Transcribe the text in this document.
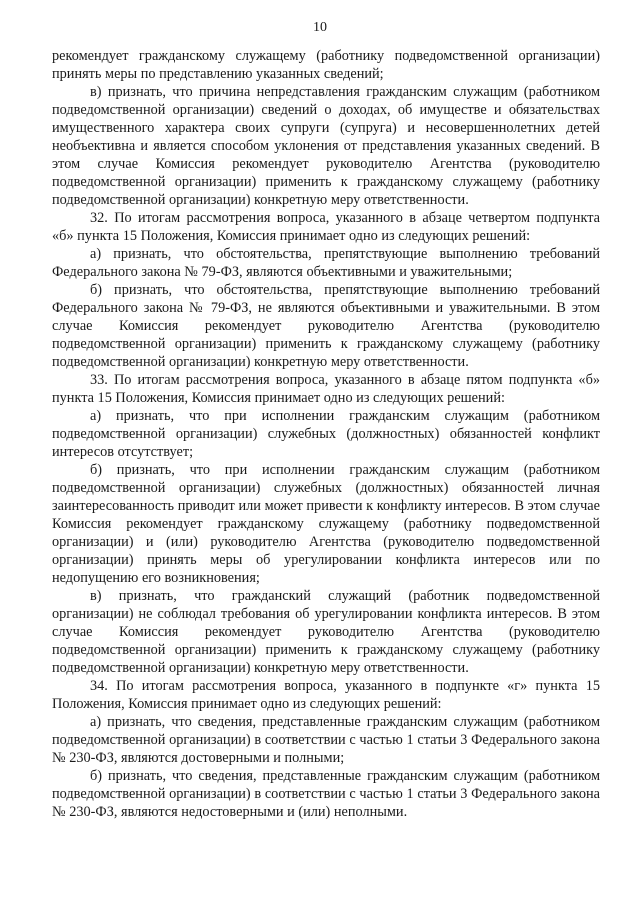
10

рекомендует гражданскому служащему (работнику подведомственной организации) принять меры по представлению указанных сведений;

в) признать, что причина непредставления гражданским служащим (работником подведомственной организации) сведений о доходах, об имуществе и обязательствах имущественного характера своих супруги (супруга) и несовершеннолетних детей необъективна и является способом уклонения от представления указанных сведений. В этом случае Комиссия рекомендует руководителю Агентства (руководителю подведомственной организации) применить к гражданскому служащему (работнику подведомственной организации) конкретную меру ответственности.

32. По итогам рассмотрения вопроса, указанного в абзаце четвертом подпункта «б» пункта 15 Положения, Комиссия принимает одно из следующих решений:

а) признать, что обстоятельства, препятствующие выполнению требований Федерального закона № 79-ФЗ, являются объективными и уважительными;

б) признать, что обстоятельства, препятствующие выполнению требований Федерального закона № 79-ФЗ, не являются объективными и уважительными. В этом случае Комиссия рекомендует руководителю Агентства (руководителю подведомственной организации) применить к гражданскому служащему (работнику подведомственной организации) конкретную меру ответственности.

33. По итогам рассмотрения вопроса, указанного в абзаце пятом подпункта «б» пункта 15 Положения, Комиссия принимает одно из следующих решений:

а) признать, что при исполнении гражданским служащим (работником подведомственной организации) служебных (должностных) обязанностей конфликт интересов отсутствует;

б) признать, что при исполнении гражданским служащим (работником подведомственной организации) служебных (должностных) обязанностей личная заинтересованность приводит или может привести к конфликту интересов. В этом случае Комиссия рекомендует гражданскому служащему (работнику подведомственной организации) и (или) руководителю Агентства (руководителю подведомственной организации) принять меры об урегулировании конфликта интересов или по недопущению его возникновения;

в) признать, что гражданский служащий (работник подведомственной организации) не соблюдал требования об урегулировании конфликта интересов. В этом случае Комиссия рекомендует руководителю Агентства (руководителю подведомственной организации) применить к гражданскому служащему (работнику подведомственной организации) конкретную меру ответственности.

34. По итогам рассмотрения вопроса, указанного в подпункте «г» пункта 15 Положения, Комиссия принимает одно из следующих решений:

а) признать, что сведения, представленные гражданским служащим (работником подведомственной организации) в соответствии с частью 1 статьи 3 Федерального закона № 230-ФЗ, являются достоверными и полными;

б) признать, что сведения, представленные гражданским служащим (работником подведомственной организации) в соответствии с частью 1 статьи 3 Федерального закона № 230-ФЗ, являются недостоверными и (или) неполными.
